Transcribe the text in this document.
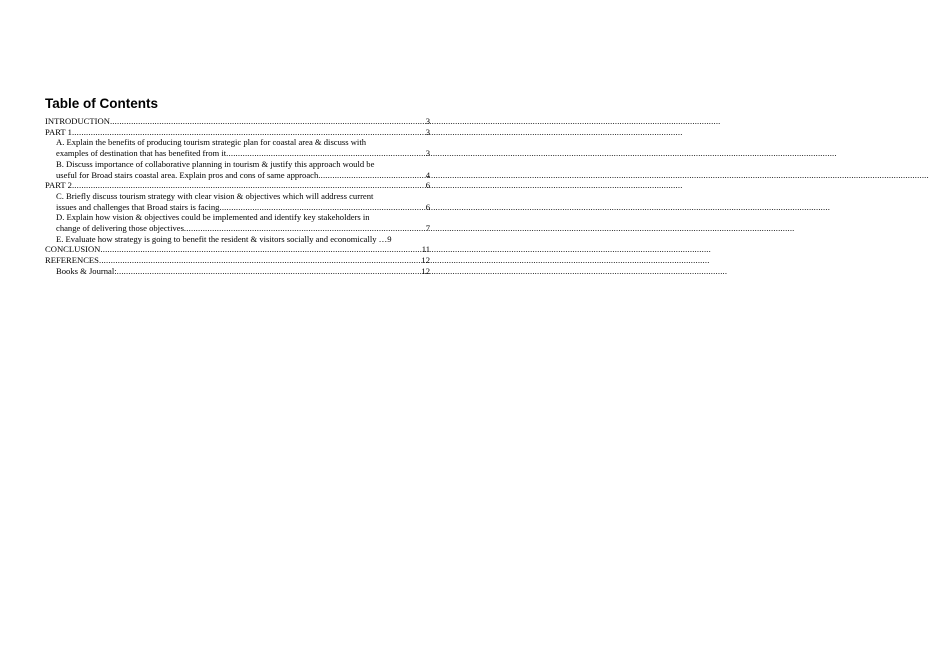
Table of Contents
INTRODUCTION .....	3
PART 1 .....	3
A. Explain the benefits of producing tourism strategic plan for coastal area & discuss with
examples of destination that has benefited from it .....	3
B. Discuss importance of collaborative planning in tourism & justify this approach would be
useful for Broad stairs coastal area. Explain pros and cons of same approach .....	4
PART 2 .....	6
C. Briefly discuss tourism strategy with clear vision & objectives which will address current
issues and challenges that Broad stairs is facing .....	6
D. Explain how vision & objectives could be implemented and identify key stakeholders in
change of delivering those objectives .....	7
E. Evaluate how strategy is going to benefit the resident & visitors socially and economically … 9
CONCLUSION .....	11
REFERENCES .....	12
Books & Journal: .....	12
